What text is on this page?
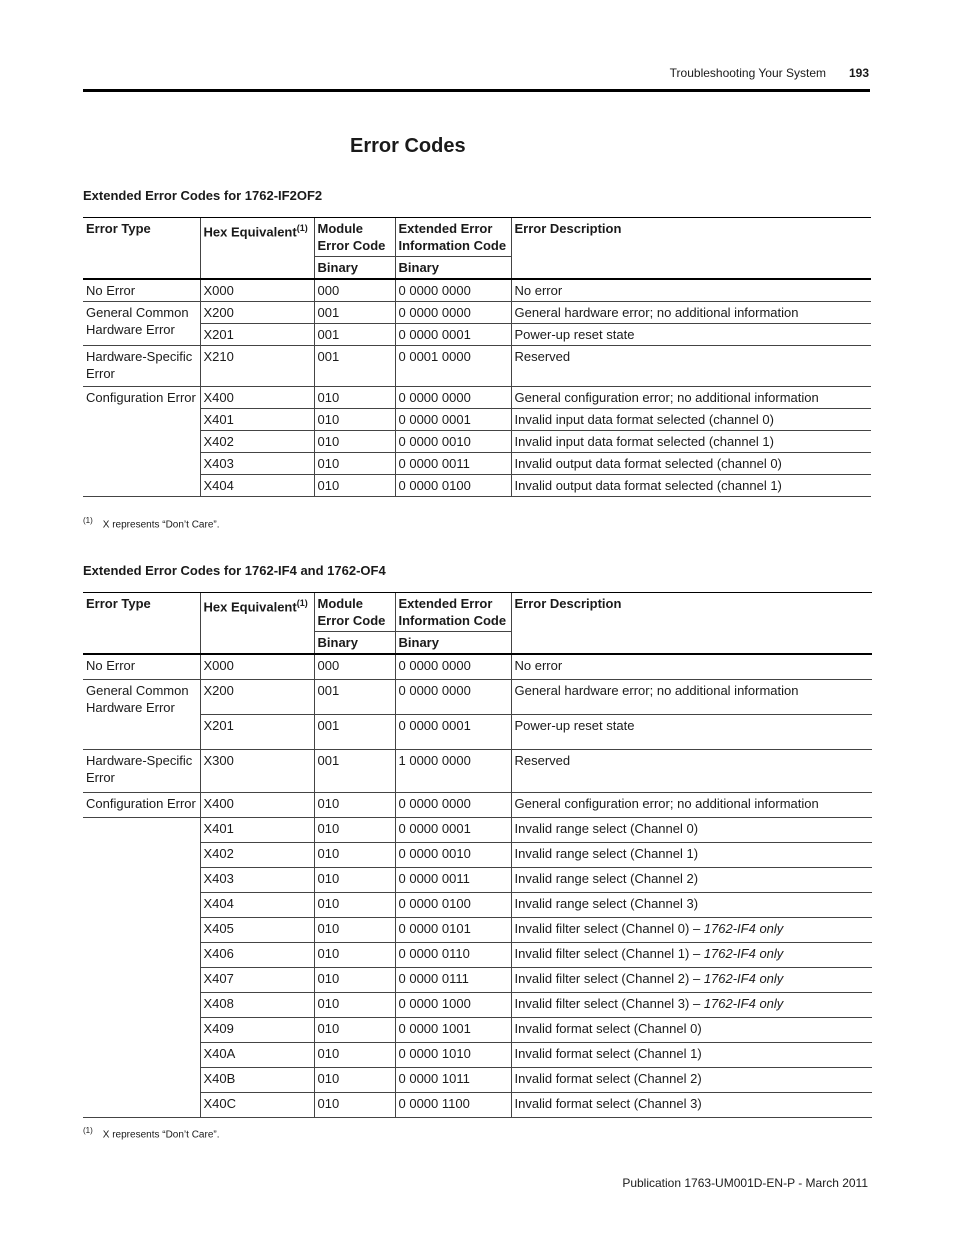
Troubleshooting Your System 193
Error Codes
Extended Error Codes for 1762-IF2OF2
Error Type	Hex Equivalent$^{(1)}$	Module Error Code	Extended Error Information Code	Error Description
		Binary	Binary	
No Error	X000	000	0 0000 0000	No error
General Common Hardware Error	X200	001	0 0000 0000	General hardware error; no additional information
	X201	001	0 0000 0001	Power-up reset state
Hardware-Specific Error	X210	001	0 0001 0000	Reserved
Configuration Error	X400	010	0 0000 0000	General configuration error; no additional information
	X401	010	0 0000 0001	Invalid input data format selected (channel 0)
	X402	010	0 0000 0010	Invalid input data format selected (channel 1)
	X403	010	0 0000 0011	Invalid output data format selected (channel 0)
	X404	010	0 0000 0100	Invalid output data format selected (channel 1)
$^{(1)}$ X represents “Don’t Care”.
Extended Error Codes for 1762-IF4 and 1762-OF4
Error Type	Hex Equivalent$^{(1)}$	Module Error Code	Extended Error Information Code	Error Description
		Binary	Binary	
No Error	X000	000	0 0000 0000	No error
General Common Hardware Error	X200	001	0 0000 0000	General hardware error; no additional information
	X201	001	0 0000 0001	Power-up reset state
Hardware-Specific Error	X300	001	1 0000 0000	Reserved
Configuration Error	X400	010	0 0000 0000	General configuration error; no additional information
	X401	010	0 0000 0001	Invalid range select (Channel 0)
	X402	010	0 0000 0010	Invalid range select (Channel 1)
	X403	010	0 0000 0011	Invalid range select (Channel 2)
	X404	010	0 0000 0100	Invalid range select (Channel 3)
	X405	010	0 0000 0101	Invalid filter select (Channel 0) – 1762-IF4 only
	X406	010	0 0000 0110	Invalid filter select (Channel 1) – 1762-IF4 only
	X407	010	0 0000 0111	Invalid filter select (Channel 2) – 1762-IF4 only
	X408	010	0 0000 1000	Invalid filter select (Channel 3) – 1762-IF4 only
	X409	010	0 0000 1001	Invalid format select (Channel 0)
	X40A	010	0 0000 1010	Invalid format select (Channel 1)
	X40B	010	0 0000 1011	Invalid format select (Channel 2)
	X40C	010	0 0000 1100	Invalid format select (Channel 3)
$^{(1)}$ X represents “Don’t Care”.
Publication 1763-UM001D-EN-P - March 2011
